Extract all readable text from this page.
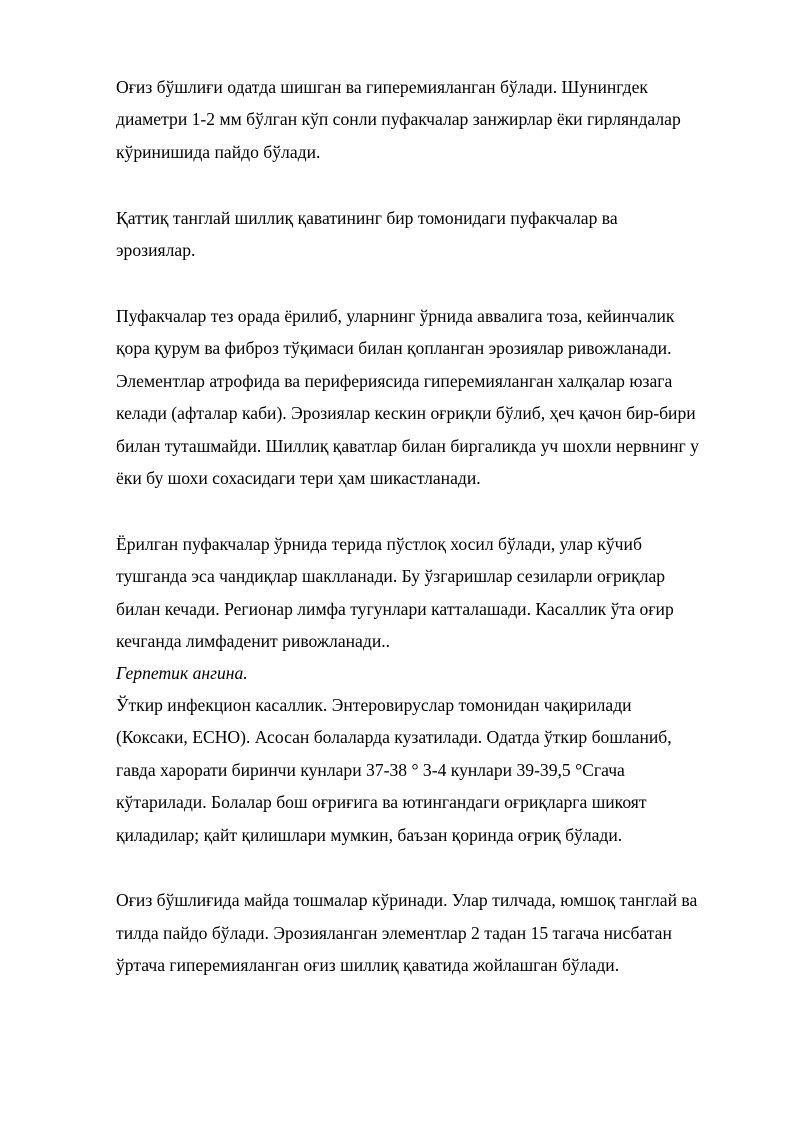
Оғиз бўшлиғи одатда шишган ва гиперемияланган бўлади. Шунингдек

диаметри 1-2 мм бўлган кўп сонли пуфакчалар занжирлар ёки гирляндалар

кўринишида пайдо бўлади.

Қаттиқ танглай шиллиқ қаватининг бир томонидаги пуфакчалар ва

эрозиялар.

Пуфакчалар тез орада ёрилиб, уларнинг ўрнида аввалига тоза, кейинчалик

қора қурум ва фиброз тўқимаси билан қопланган эрозиялар ривожланади.

Элементлар атрофида ва периферияcида гиперемияланган халқалар юзага

келади (афталар каби). Эрозиялар кескин оғриқли бўлиб, ҳеч қачон бир-бири

билан туташмайди. Шиллиқ қаватлар билан биргаликда уч шохли нервнинг у

ёки бу шохи сохасидаги тери ҳам шикастланади.

Ёрилган пуфакчалар ўрнида терида пўстлоқ хосил бўлади, улар кўчиб

тушганда эса чандиқлар шаклланади. Бу ўзгаришлар сезиларли оғриқлар

билан кечади. Регионар лимфа тугунлари катталашади. Касаллик ўта оғир

кечганда лимфаденит ривожланади..

Герпетик ангина.

Ўткир инфекцион касаллик. Энтеровируслар томонидан чақирилади

(Коксаки, ЕСНО). Асосан болаларда кузатилади. Одатда ўткир бошланиб,

гавда харорати биринчи кунлари 37-38 ° 3-4 кунлари 39-39,5 °Сгача

кўтарилади. Болалар бош оғриғига ва ютингандаги оғриқларга шикоят

қиладилар; қайт қилишлари мумкин, баъзан қоринда оғриқ бўлади.

Оғиз бўшлиғида майда тошмалар кўринади. Улар тилчада, юмшоқ танглай ва

тилда пайдо бўлади. Эрозияланган элементлар 2 тадан 15 тагача нисбатан

ўртача гиперемияланган оғиз шиллиқ қаватида жойлашган бўлади.
